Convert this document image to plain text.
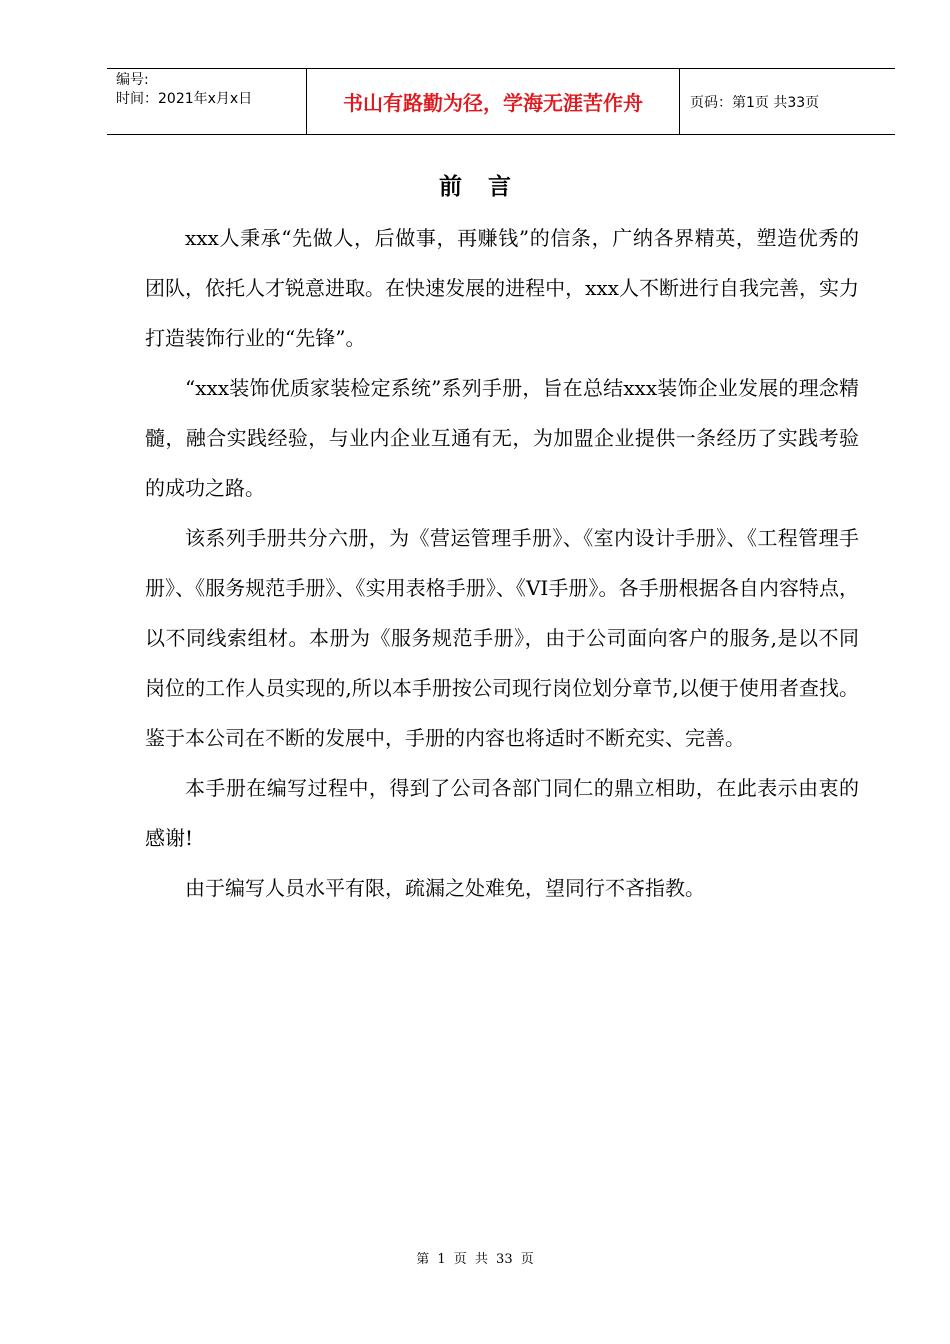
编号:
时间：2021年x月x日	书山有路勤为径，学海无涯苦作舟	页码：第1页 共33页
前言

xxx人秉承“先做人，后做事，再赚钱”的信条，广纳各界精英，塑造优秀的团队，依托人才锐意进取。在快速发展的进程中，xxx人不断进行自我完善，实力打造装饰行业的“先锋”。

“xxx装饰优质家装检定系统”系列手册，旨在总结xxx装饰企业发展的理念精髓，融合实践经验，与业内企业互通有无，为加盟企业提供一条经历了实践考验的成功之路。

该系列手册共分六册，为《营运管理手册》、《室内设计手册》、《工程管理手册》、《服务规范手册》、《实用表格手册》、《VI手册》。各手册根据各自内容特点，以不同线索组材。本册为《服务规范手册》，由于公司面向客户的服务,是以不同岗位的工作人员实现的,所以本手册按公司现行岗位划分章节,以便于使用者查找。鉴于本公司在不断的发展中，手册的内容也将适时不断充实、完善。

本手册在编写过程中，得到了公司各部门同仁的鼎立相助，在此表示由衷的感谢!

由于编写人员水平有限，疏漏之处难免，望同行不吝指教。

第 1 页 共 33 页
